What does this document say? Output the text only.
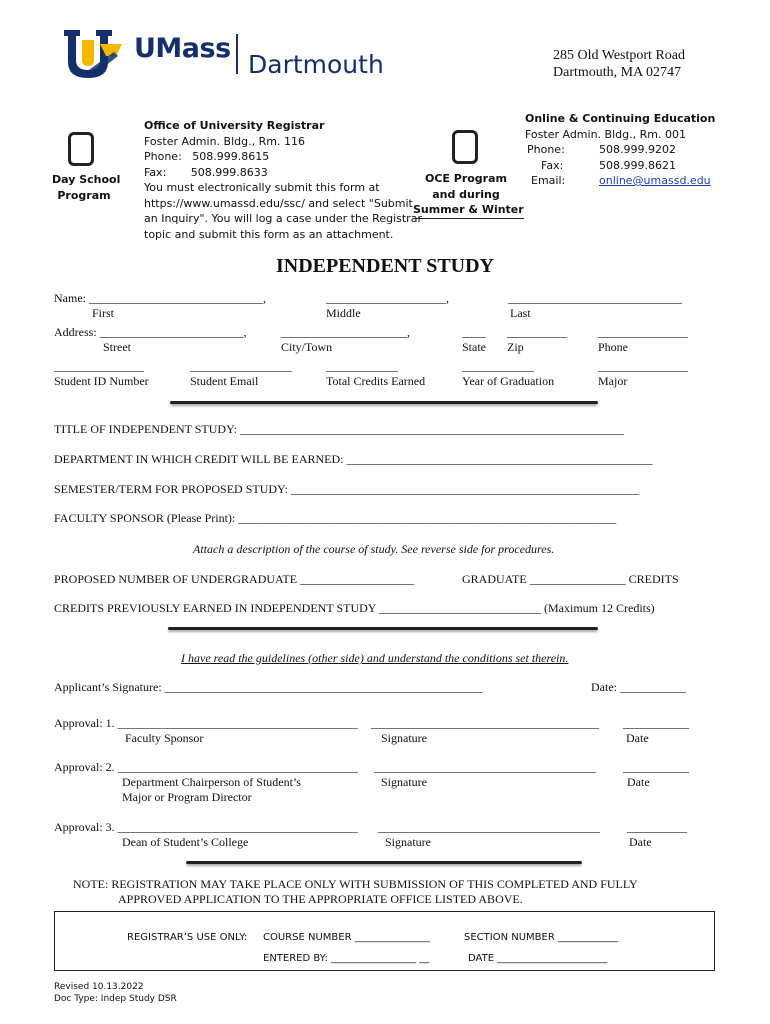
UMass
Dartmouth	285 Old Westport Road
Dartmouth, MA 02747
Day School
Program
Office of University Registrar
Foster Admin. Bldg., Rm. 116
Phone:   508.999.8615
Fax:       508.999.8633
You must electronically submit this form at
https://www.umassd.edu/ssc/ and select "Submit
an Inquiry". You will log a case under the Registrar
topic and submit this form as an attachment.
OCE Program
and during
Summer & Winter
Online & Continuing Education
Foster Admin. Bldg., Rm. 001
Phone:	508.999.9202
Fax:	508.999.8621
Email:	online@umassd.edu
INDEPENDENT STUDY
Name: _____________________________,	____________________,	_____________________________
First	Middle	Last
Address: ________________________,	_____________________,	____ __________	_______________
Street	City/Town	State Zip	Phone
_______________	_________________	____________	____________	_______________
Student ID Number	Student Email	Total Credits Earned	Year of Graduation	Major
TITLE OF INDEPENDENT STUDY: ________________________________________________________________
DEPARTMENT IN WHICH CREDIT WILL BE EARNED: ___________________________________________________
SEMESTER/TERM FOR PROPOSED STUDY: __________________________________________________________
FACULTY SPONSOR (Please Print): _______________________________________________________________
Attach a description of the course of study. See reverse side for procedures.
PROPOSED NUMBER OF UNDERGRADUATE ___________________	GRADUATE ________________ CREDITS
CREDITS PREVIOUSLY EARNED IN INDEPENDENT STUDY ___________________________ (Maximum 12 Credits)
I have read the guidelines (other side) and understand the conditions set therein.
Applicant’s Signature: _____________________________________________________	Date: ___________
Approval: 1. ________________________________________ ______________________________________ ___________
Faculty Sponsor	Signature	Date
Approval: 2. ________________________________________ _____________________________________ ___________
Department Chairperson of Student’s
Major or Program Director
Signature	Date
Approval: 3. ________________________________________ _____________________________________ __________
Dean of Student’s College	Signature	Date
NOTE: REGISTRATION MAY TAKE PLACE ONLY WITH SUBMISSION OF THIS COMPLETED AND FULLY
APPROVED APPLICATION TO THE APPROPRIATE OFFICE LISTED ABOVE.
REGISTRAR’S USE ONLY: COURSE NUMBER _______________	SECTION NUMBER ____________
ENTERED BY: _________________ __	DATE ______________________
Revised 10.13.2022
Doc Type: Indep Study DSR
